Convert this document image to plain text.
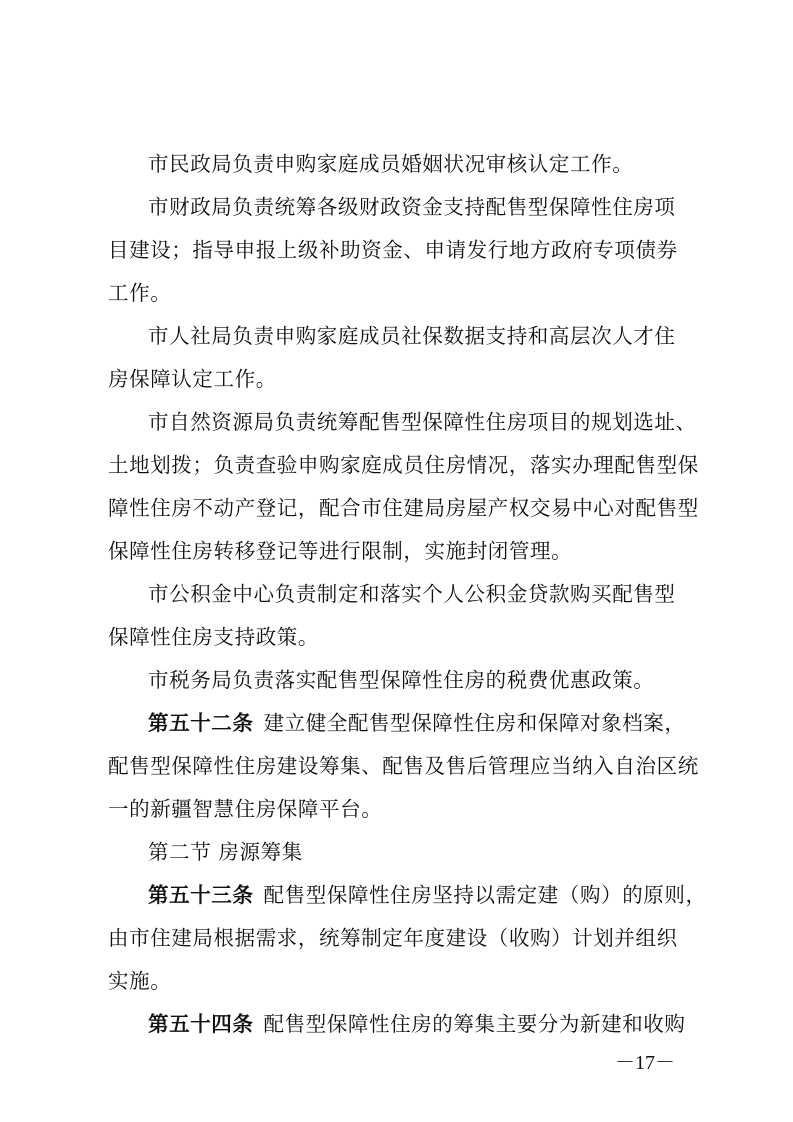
市民政局负责申购家庭成员婚姻状况审核认定工作。
市财政局负责统筹各级财政资金支持配售型保障性住房项
目建设；指导申报上级补助资金、申请发行地方政府专项债券
工作。
市人社局负责申购家庭成员社保数据支持和高层次人才住
房保障认定工作。
市自然资源局负责统筹配售型保障性住房项目的规划选址、
土地划拨；负责查验申购家庭成员住房情况，落实办理配售型保
障性住房不动产登记，配合市住建局房屋产权交易中心对配售型
保障性住房转移登记等进行限制，实施封闭管理。
市公积金中心负责制定和落实个人公积金贷款购买配售型
保障性住房支持政策。
市税务局负责落实配售型保障性住房的税费优惠政策。
第五十二条 建立健全配售型保障性住房和保障对象档案，
配售型保障性住房建设筹集、配售及售后管理应当纳入自治区统
一的新疆智慧住房保障平台。
第二节 房源筹集
第五十三条 配售型保障性住房坚持以需定建（购）的原则，
由市住建局根据需求，统筹制定年度建设（收购）计划并组织
实施。
第五十四条 配售型保障性住房的筹集主要分为新建和收购
－17－
